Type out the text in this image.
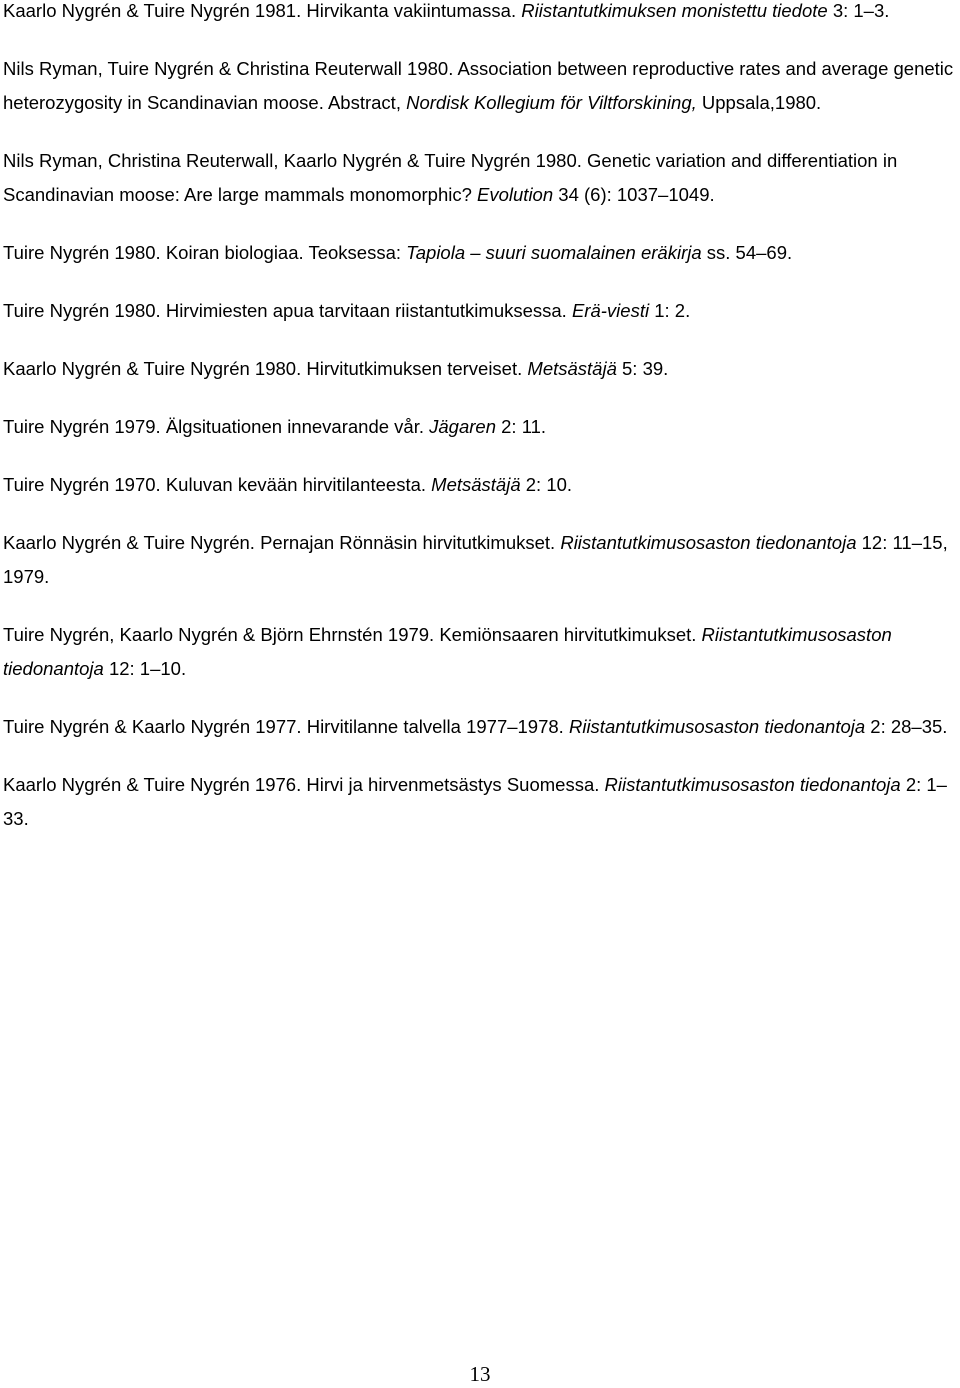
Kaarlo Nygrén & Tuire Nygrén 1981. Hirvikanta vakiintumassa. Riistantutkimuksen monistettu tiedote 3: 1–3.

Nils Ryman, Tuire Nygrén & Christina Reuterwall 1980. Association between reproductive rates and average genetic heterozygosity in Scandinavian moose. Abstract, Nordisk Kollegium för Viltforskining, Uppsala,1980.

Nils Ryman, Christina Reuterwall, Kaarlo Nygrén & Tuire Nygrén 1980. Genetic variation and differentiation in Scandinavian moose: Are large mammals monomorphic? Evolution 34 (6): 1037–1049.

Tuire Nygrén 1980. Koiran biologiaa. Teoksessa: Tapiola – suuri suomalainen eräkirja ss. 54–69.

Tuire Nygrén 1980. Hirvimiesten apua tarvitaan riistantutkimuksessa. Erä-viesti 1: 2.

Kaarlo Nygrén & Tuire Nygrén 1980. Hirvitutkimuksen terveiset. Metsästäjä 5: 39.

Tuire Nygrén 1979. Älgsituationen innevarande vår. Jägaren 2: 11.

Tuire Nygrén 1970. Kuluvan kevään hirvitilanteesta. Metsästäjä 2: 10.

Kaarlo Nygrén & Tuire Nygrén. Pernajan Rönnäsin hirvitutkimukset. Riistantutkimusosaston tiedonantoja 12: 11–15, 1979.

Tuire Nygrén, Kaarlo Nygrén & Björn Ehrnstén 1979. Kemiönsaaren hirvitutkimukset. Riistantutkimusosaston tiedonantoja 12: 1–10.

Tuire Nygrén & Kaarlo Nygrén 1977. Hirvitilanne talvella 1977–1978. Riistantutkimusosaston tiedonantoja 2: 28–35.

Kaarlo Nygrén & Tuire Nygrén 1976. Hirvi ja hirvenmetsästys Suomessa. Riistantutkimusosaston tiedonantoja 2: 1–33.

13
